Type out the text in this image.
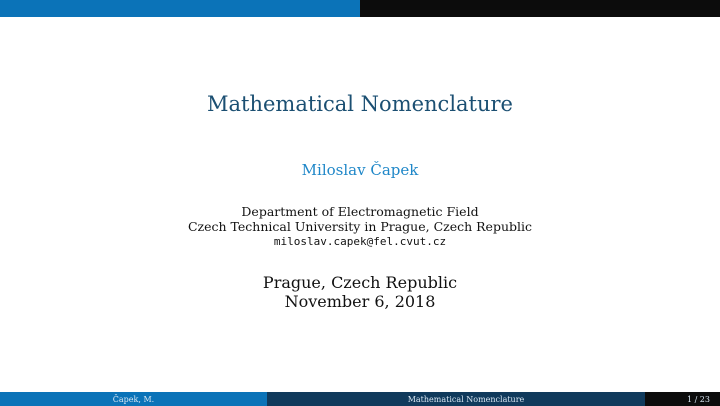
Mathematical Nomenclature
Miloslav Čapek
Department of Electromagnetic Field
Czech Technical University in Prague, Czech Republic
miloslav.capek@fel.cvut.cz
Prague, Czech Republic
November 6, 2018
Čapek, M.	Mathematical Nomenclature	1 / 23
